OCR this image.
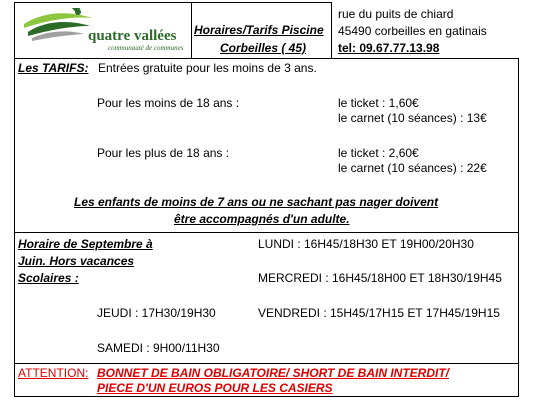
quatre vallées
communauté de communes
Horaires/Tarifs Piscine
Corbeilles ( 45)
rue du puits de chiard
45490 corbeilles en gatinais
tel: 09.67.77.13.98
Les TARIFS: Entrées gratuite pour les moins de 3 ans.
Pour les moins de 18 ans :	le ticket : 1,60€
le carnet (10 séances) : 13€
Pour les plus de 18 ans :	le ticket : 2,60€
le carnet (10 séances) : 22€
Les enfants de moins de 7 ans ou ne sachant pas nager doivent
être accompagnés d'un adulte.
Horaire de Septembre à
Juin. Hors vacances
Scolaires :
LUNDI : 16H45/18H30 ET 19H00/20H30
MERCREDI : 16H45/18H00 ET 18H30/19H45
JEUDI : 17H30/19H30	VENDREDI : 15H45/17H15 ET 17H45/19H15
SAMEDI : 9H00/11H30
ATTENTION: BONNET DE BAIN OBLIGATOIRE/ SHORT DE BAIN INTERDIT/
PIECE D'UN EUROS POUR LES CASIERS
